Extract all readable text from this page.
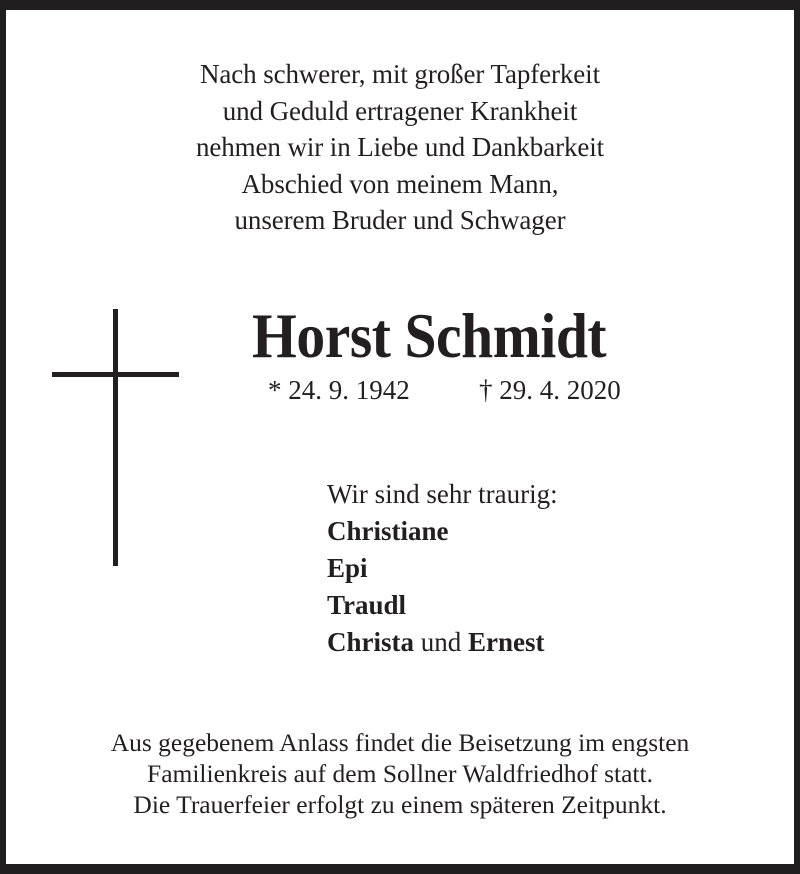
Nach schwerer, mit großer Tapferkeit
und Geduld ertragener Krankheit
nehmen wir in Liebe und Dankbarkeit
Abschied von meinem Mann,
unserem Bruder und Schwager
Horst Schmidt
* 24. 9. 1942	† 29. 4. 2020
Wir sind sehr traurig:
Christiane
Epi
Traudl
Christa und Ernest
Aus gegebenem Anlass findet die Beisetzung im engsten
Familienkreis auf dem Sollner Waldfriedhof statt.
Die Trauerfeier erfolgt zu einem späteren Zeitpunkt.
